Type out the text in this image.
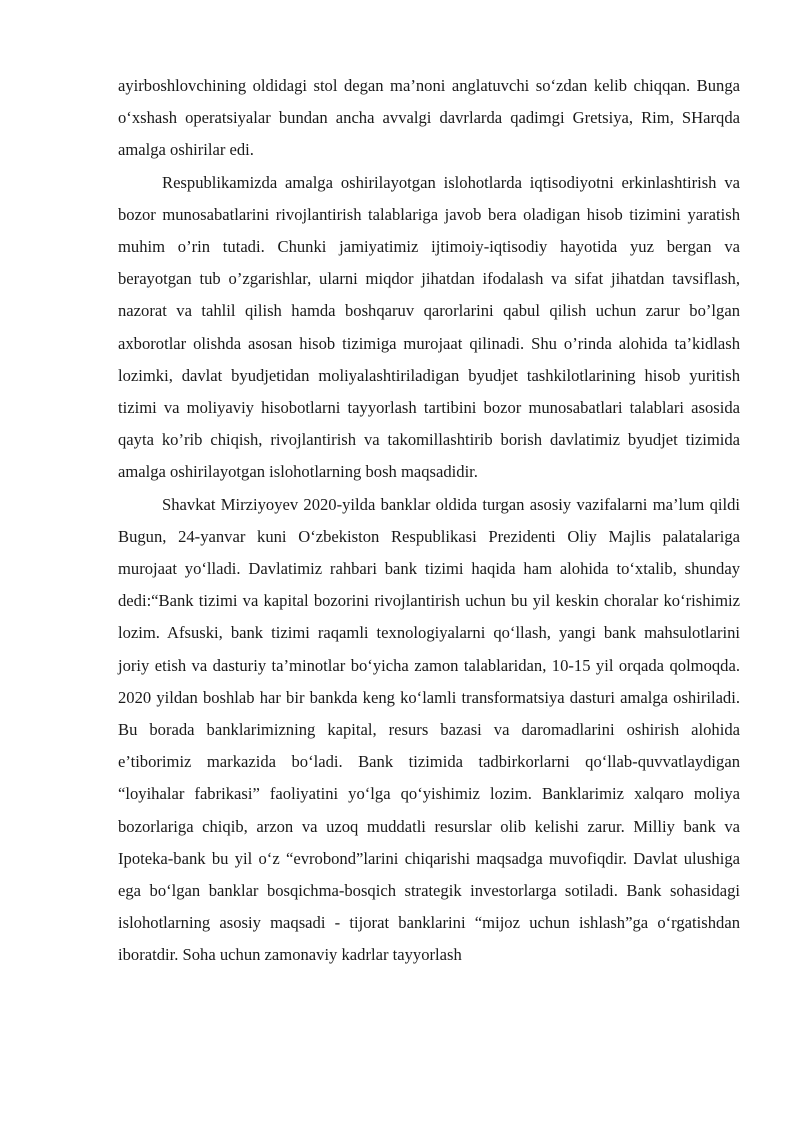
ayirboshlovchining oldidagi stol degan ma’noni anglatuvchi so‘zdan kelib chiqqan. Bunga o‘xshash operatsiyalar bundan ancha avvalgi davrlarda qadimgi Gretsiya, Rim, SHarqda amalga oshirilar edi.

Respublikamizda amalga oshirilayotgan islohotlarda iqtisodiyotni erkinlashtirish va bozor munosabatlarini rivojlantirish talablariga javob bera oladigan hisob tizimini yaratish muhim o’rin tutadi. Chunki jamiyatimiz ijtimoiy-iqtisodiy hayotida yuz bergan va berayotgan tub o’zgarishlar, ularni miqdor jihatdan ifodalash va sifat jihatdan tavsiflash, nazorat va tahlil qilish hamda boshqaruv qarorlarini qabul qilish uchun zarur bo’lgan axborotlar olishda asosan hisob tizimiga murojaat qilinadi. Shu o’rinda alohida ta’kidlash lozimki, davlat byudjetidan moliyalashtiriladigan byudjet tashkilotlarining hisob yuritish tizimi va moliyaviy hisobotlarni tayyorlash tartibini bozor munosabatlari talablari asosida qayta ko’rib chiqish, rivojlantirish va takomillashtirib borish davlatimiz byudjet tizimida amalga oshirilayotgan islohotlarning bosh maqsadidir.

Shavkat Mirziyoyev 2020-yilda banklar oldida turgan asosiy vazifalarni ma’lum qildi Bugun, 24-yanvar kuni O‘zbekiston Respublikasi Prezidenti Oliy Majlis palatalariga murojaat yo‘lladi. Davlatimiz rahbari bank tizimi haqida ham alohida to‘xtalib, shunday dedi:“Bank tizimi va kapital bozorini rivojlantirish uchun bu yil keskin choralar ko‘rishimiz lozim. Afsuski, bank tizimi raqamli texnologiyalarni qo‘llash, yangi bank mahsulotlarini joriy etish va dasturiy ta’minotlar bo‘yicha zamon talablaridan, 10-15 yil orqada qolmoqda. 2020 yildan boshlab har bir bankda keng ko‘lamli transformatsiya dasturi amalga oshiriladi. Bu borada banklarimizning kapital, resurs bazasi va daromadlarini oshirish alohida e’tiborimiz markazida bo‘ladi. Bank tizimida tadbirkorlarni qo‘llab-quvvatlaydigan “loyihalar fabrikasi” faoliyatini yo‘lga qo‘yishimiz lozim. Banklarimiz xalqaro moliya bozorlariga chiqib, arzon va uzoq muddatli resurslar olib kelishi zarur. Milliy bank va Ipoteka-bank bu yil o‘z “evrobond”larini chiqarishi maqsadga muvofiqdir. Davlat ulushiga ega bo‘lgan banklar bosqichma-bosqich strategik investorlarga sotiladi. Bank sohasidagi islohotlarning asosiy maqsadi - tijorat banklarini “mijoz uchun ishlash”ga o‘rgatishdan iboratdir. Soha uchun zamonaviy kadrlar tayyorlash
